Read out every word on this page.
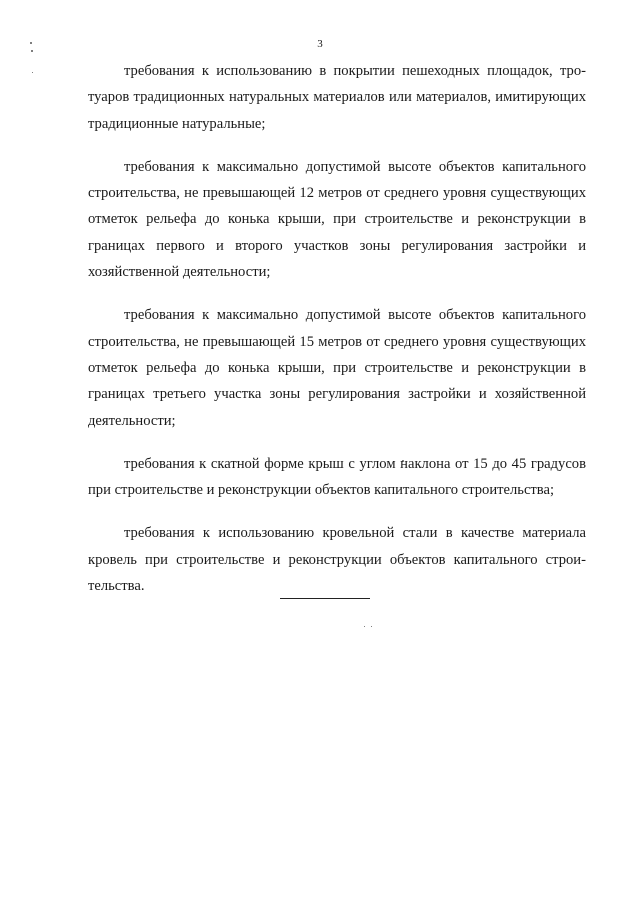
3

требования к использованию в покрытии пешеходных площадок, тротуаров традиционных натуральных материалов или материалов, имитирующих традиционные натуральные;

требования к максимально допустимой высоте объектов капитального строительства, не превышающей 12 метров от среднего уровня существующих отметок рельефа до конька крыши, при строительстве и реконструкции в границах первого и второго участков зоны регулирования застройки и хозяйственной деятельности;

требования к максимально допустимой высоте объектов капитального строительства, не превышающей 15 метров от среднего уровня существующих отметок рельефа до конька крыши, при строительстве и реконструкции в границах третьего участка зоны регулирования застройки и хозяйственной деятельности;

требования к скатной форме крыш с углом наклона от 15 до 45 градусов при строительстве и реконструкции объектов капитального строительства;

требования к использованию кровельной стали в качестве материала кровель при строительстве и реконструкции объектов капитального строительства.
